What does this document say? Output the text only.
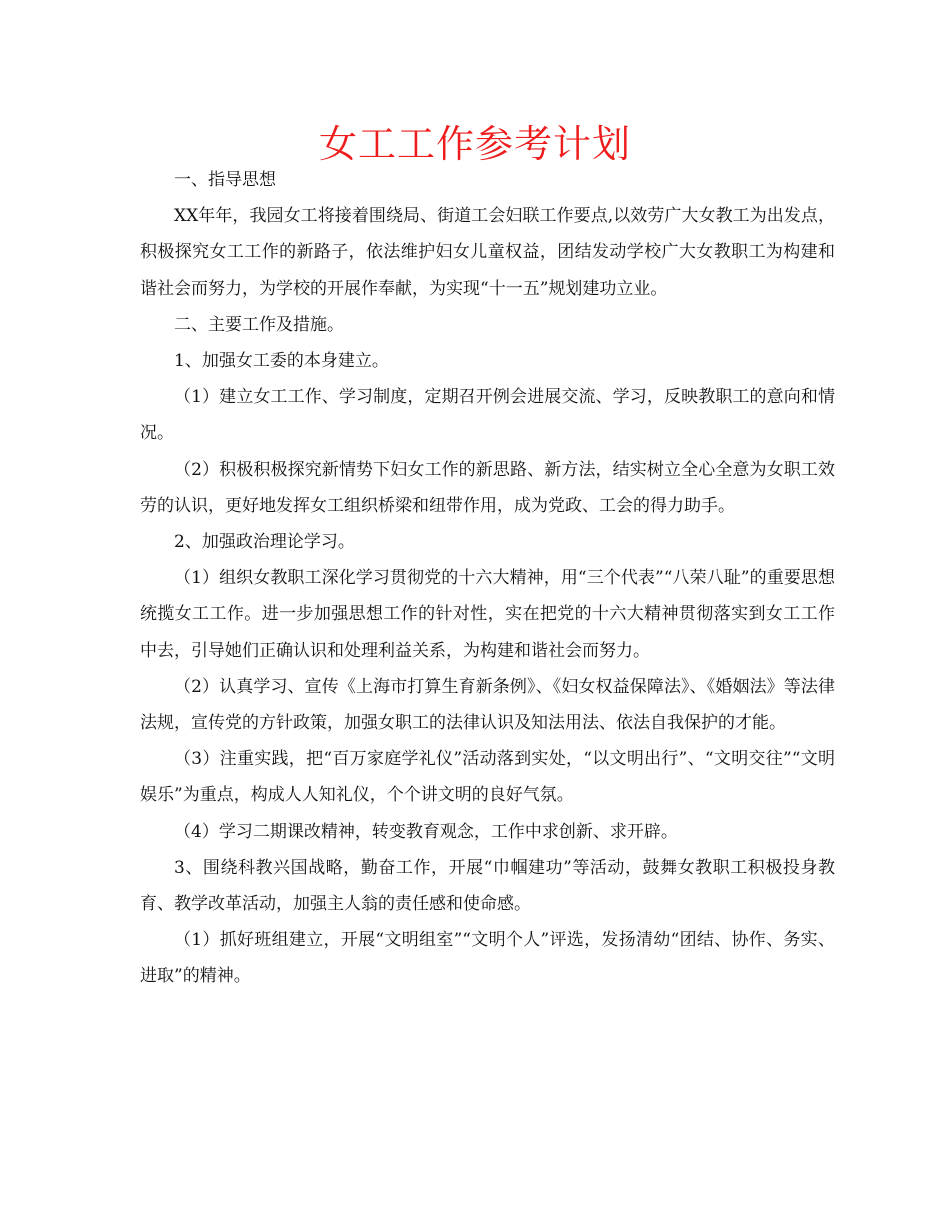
女工工作参考计划

一、指导思想

XX年年，我园女工将接着围绕局、街道工会妇联工作要点,以效劳广大女教工为出发点，积极探究女工工作的新路子，依法维护妇女儿童权益，团结发动学校广大女教职工为构建和谐社会而努力，为学校的开展作奉献，为实现“十一五”规划建功立业。

二、主要工作及措施。

1、加强女工委的本身建立。

（1）建立女工工作、学习制度，定期召开例会进展交流、学习，反映教职工的意向和情况。

（2）积极积极探究新情势下妇女工作的新思路、新方法，结实树立全心全意为女职工效劳的认识，更好地发挥女工组织桥梁和纽带作用，成为党政、工会的得力助手。

2、加强政治理论学习。

（1）组织女教职工深化学习贯彻党的十六大精神，用“三个代表”“八荣八耻”的重要思想统揽女工工作。进一步加强思想工作的针对性，实在把党的十六大精神贯彻落实到女工工作中去，引导她们正确认识和处理利益关系，为构建和谐社会而努力。

（2）认真学习、宣传《上海市打算生育新条例》、《妇女权益保障法》、《婚姻法》等法律法规，宣传党的方针政策，加强女职工的法律认识及知法用法、依法自我保护的才能。

（3）注重实践，把“百万家庭学礼仪”活动落到实处，“以文明出行”、“文明交往”“文明娱乐”为重点，构成人人知礼仪，个个讲文明的良好气氛。

（4）学习二期课改精神，转变教育观念，工作中求创新、求开辟。

3、围绕科教兴国战略，勤奋工作，开展“巾帼建功”等活动，鼓舞女教职工积极投身教育、教学改革活动，加强主人翁的责任感和使命感。

（1）抓好班组建立，开展“文明组室”“文明个人”评选，发扬清幼“团结、协作、务实、进取”的精神。
